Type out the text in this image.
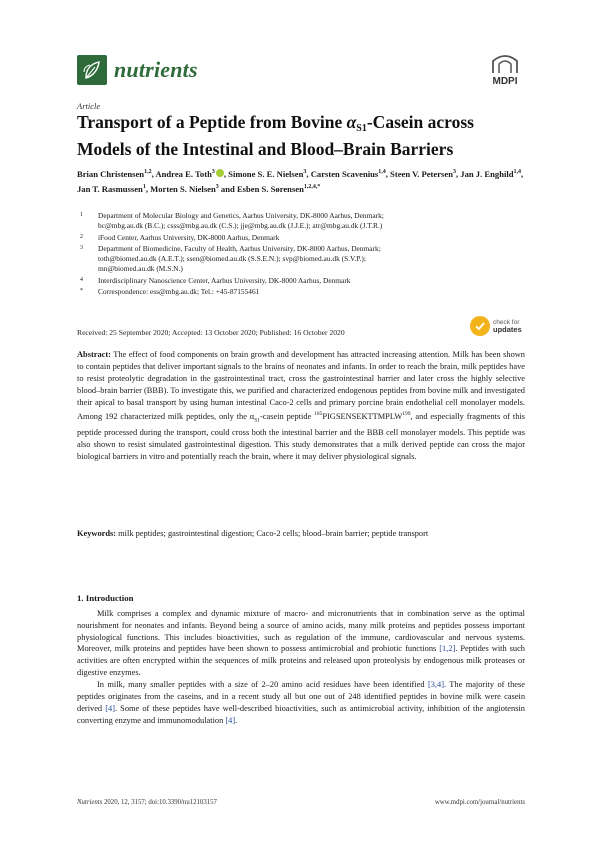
nutrients	MDPI
Article
Transport of a Peptide from Bovine $\alpha_{S1}$-Casein across Models of the Intestinal and Blood–Brain Barriers
Brian Christensen$^{1,2}$, Andrea E. Toth$^3$ , Simone S. E. Nielsen$^3$, Carsten Scavenius$^{1,4}$, Steen V. Petersen$^3$, Jan J. Enghild$^{1,4}$, Jan T. Rasmussen$^1$, Morten S. Nielsen$^3$ and Esben S. Sørensen$^{1,2,4,*}$
1 Department of Molecular Biology and Genetics, Aarhus University, DK-8000 Aarhus, Denmark;
bc@mbg.au.dk (B.C.); csss@mbg.au.dk (C.S.); jje@mbg.au.dk (J.J.E.); atr@mbg.au.dk (J.T.R.)
2 iFood Center, Aarhus University, DK-8000 Aarhus, Denmark
3 Department of Biomedicine, Faculty of Health, Aarhus University, DK-8000 Aarhus, Denmark;
toth@biomed.au.dk (A.E.T.); ssen@biomed.au.dk (S.S.E.N.); svp@biomed.au.dk (S.V.P.);
mn@biomed.au.dk (M.S.N.)
4 Interdisciplinary Nanoscience Center, Aarhus University, DK-8000 Aarhus, Denmark
* Correspondence: ess@mbg.au.dk; Tel.: +45-87155461
Received: 25 September 2020; Accepted: 13 October 2020; Published: 16 October 2020
check for
updates
Abstract: The effect of food components on brain growth and development has attracted increasing attention. Milk has been shown to contain peptides that deliver important signals to the brains of neonates and infants. In order to reach the brain, milk peptides have to resist proteolytic degradation in the gastrointestinal tract, cross the gastrointestinal barrier and later cross the highly selective blood–brain barrier (BBB). To investigate this, we purified and characterized endogenous peptides from bovine milk and investigated their apical to basal transport by using human intestinal Caco-2 cells and primary porcine brain endothelial cell monolayer models. Among 192 characterized milk peptides, only the $\alpha_{S1}$-casein peptide $^{185}$PIGSENSEKTTMPLW$^{199}$, and especially fragments of this peptide processed during the transport, could cross both the intestinal barrier and the BBB cell monolayer models. This peptide was also shown to resist simulated gastrointestinal digestion. This study demonstrates that a milk derived peptide can cross the major biological barriers in vitro and potentially reach the brain, where it may deliver physiological signals.
Keywords: milk peptides; gastrointestinal digestion; Caco-2 cells; blood–brain barrier; peptide transport
1. Introduction

Milk comprises a complex and dynamic mixture of macro- and micronutrients that in combination serve as the optimal nourishment for neonates and infants. Beyond being a source of amino acids, many milk proteins and peptides possess important physiological functions. This includes bioactivities, such as regulation of the immune, cardiovascular and nervous systems. Moreover, milk proteins and peptides have been shown to possess antimicrobial and probiotic functions [1,2]. Peptides with such activities are often encrypted within the sequences of milk proteins and released upon proteolysis by endogenous milk proteases or digestive enzymes.

In milk, many smaller peptides with a size of 2–20 amino acid residues have been identified [3,4]. The majority of these peptides originates from the caseins, and in a recent study all but one out of 248 identified peptides in bovine milk were casein derived [4]. Some of these peptides have well-described bioactivities, such as antimicrobial activity, inhibition of the angiotensin converting enzyme and immunomodulation [4].

Nutrients 2020, 12, 3157; doi:10.3390/nu12103157	www.mdpi.com/journal/nutrients
